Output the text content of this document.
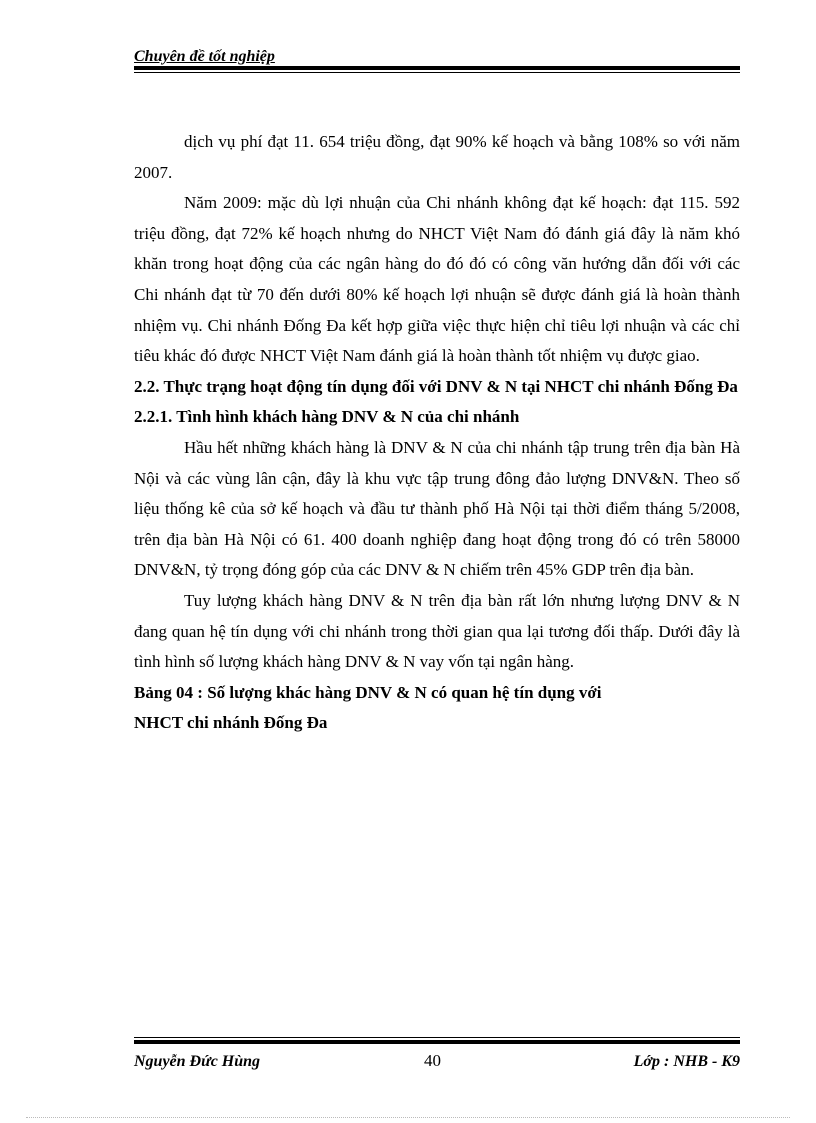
Chuyên đề tốt nghiệp

dịch vụ phí đạt 11. 654 triệu đồng, đạt 90% kế hoạch và bằng 108% so với năm 2007.

Năm 2009: mặc dù lợi nhuận của Chi nhánh không đạt kế hoạch: đạt 115. 592 triệu đồng, đạt 72% kế hoạch nhưng do NHCT Việt Nam đó đánh giá đây là năm khó khăn trong hoạt động của các ngân hàng do đó đó có công văn hướng dẫn đối với các Chi nhánh đạt từ 70 đến dưới 80% kế hoạch lợi nhuận sẽ được đánh giá là hoàn thành nhiệm vụ. Chi nhánh Đống Đa kết hợp giữa việc thực hiện chỉ tiêu lợi nhuận và các chỉ tiêu khác đó được NHCT Việt Nam đánh giá là hoàn thành tốt nhiệm vụ được giao.

2.2. Thực trạng hoạt động tín dụng đối với DNV & N tại NHCT chi nhánh Đống Đa

2.2.1. Tình hình khách hàng DNV & N của chi nhánh

Hầu hết những khách hàng là DNV & N của chi nhánh tập trung trên địa bàn Hà Nội và các vùng lân cận, đây là khu vực tập trung đông đảo lượng DNV&N. Theo số liệu thống kê của sở kế hoạch và đầu tư thành phố Hà Nội tại thời điểm tháng 5/2008, trên địa bàn Hà Nội có 61. 400 doanh nghiệp đang hoạt động trong đó có trên 58000 DNV&N, tỷ trọng đóng góp của các DNV & N chiếm trên 45% GDP trên địa bàn.

Tuy lượng khách hàng DNV & N trên địa bàn rất lớn nhưng lượng DNV & N đang quan hệ tín dụng với chi nhánh trong thời gian qua lại tương đối thấp. Dưới đây là tình hình số lượng khách hàng DNV & N vay vốn tại ngân hàng.

Bảng 04 : Số lượng khác hàng DNV & N có quan hệ tín dụng với

NHCT chi nhánh Đống Đa

Nguyễn Đức Hùng	40	Lớp : NHB - K9
